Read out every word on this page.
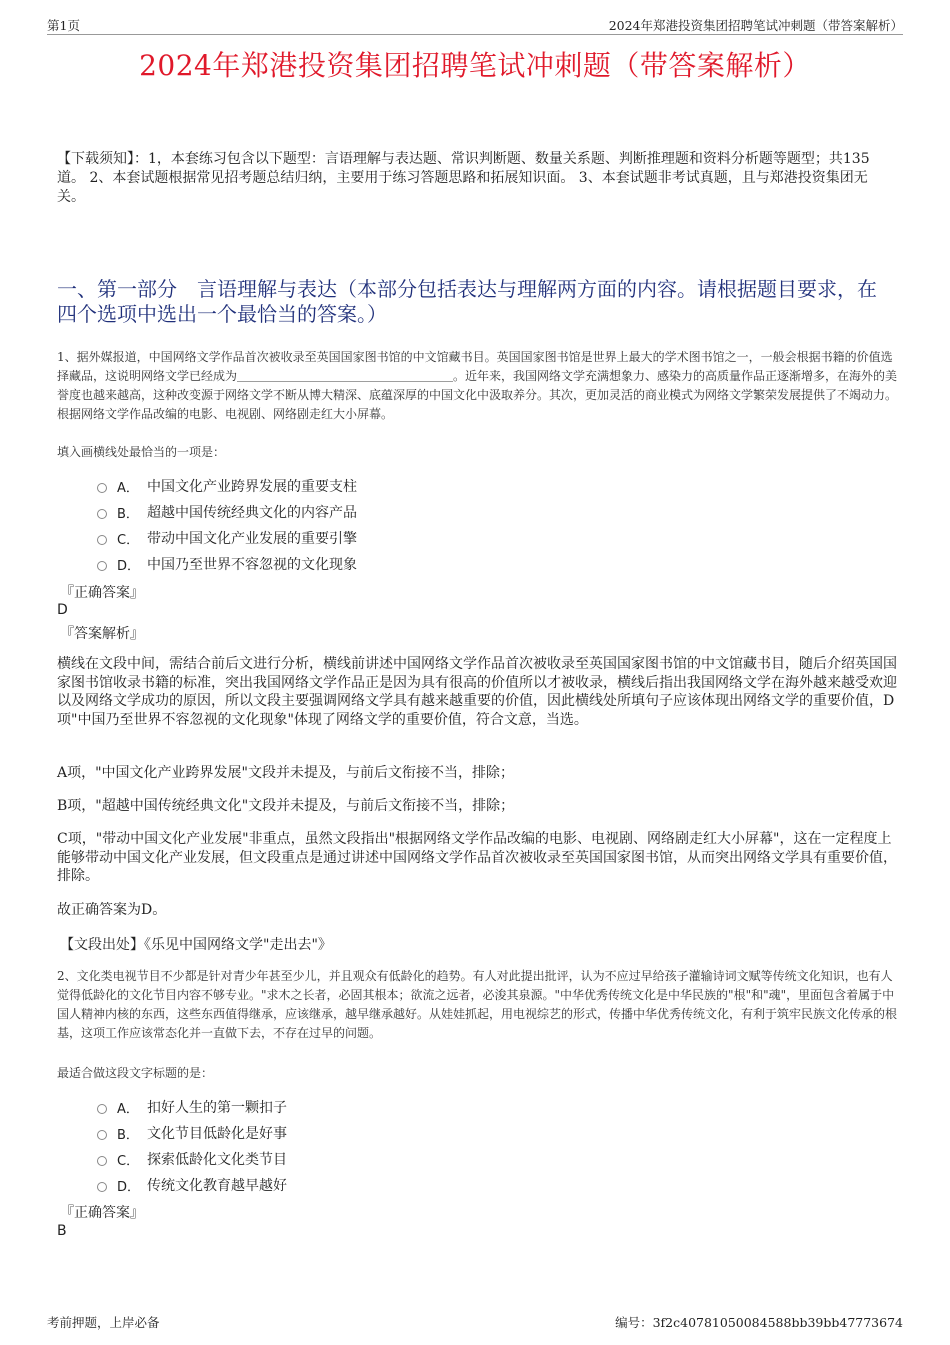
第1页	2024年郑港投资集团招聘笔试冲刺题（带答案解析）
2024年郑港投资集团招聘笔试冲刺题（带答案解析）
【下载须知】：1，本套练习包含以下题型：言语理解与表达题、常识判断题、数量关系题、判断推理题和资料分析题等题型；共135道。 2、本套试题根据常见招考题总结归纳，主要用于练习答题思路和拓展知识面。 3、本套试题非考试真题，且与郑港投资集团无关。
一、第一部分　言语理解与表达（本部分包括表达与理解两方面的内容。请根据题目要求，在四个选项中选出一个最恰当的答案。）
1、据外媒报道，中国网络文学作品首次被收录至英国国家图书馆的中文馆藏书目。英国国家图书馆是世界上最大的学术图书馆之一，一般会根据书籍的价值选择藏品，这说明网络文学已经成为＿＿＿＿＿＿＿＿＿＿＿＿＿＿＿＿＿＿。近年来，我国网络文学充满想象力、感染力的高质量作品正逐渐增多，在海外的美誉度也越来越高，这种改变源于网络文学不断从博大精深、底蕴深厚的中国文化中汲取养分。其次，更加灵活的商业模式为网络文学繁荣发展提供了不竭动力。根据网络文学作品改编的电影、电视剧、网络剧走红大小屏幕。
填入画横线处最恰当的一项是：
A． 中国文化产业跨界发展的重要支柱
B． 超越中国传统经典文化的内容产品
C． 带动中国文化产业发展的重要引擎
D． 中国乃至世界不容忽视的文化现象
『正确答案』
D
『答案解析』
横线在文段中间，需结合前后文进行分析，横线前讲述中国网络文学作品首次被收录至英国国家图书馆的中文馆藏书目，随后介绍英国国家图书馆收录书籍的标准，突出我国网络文学作品正是因为具有很高的价值所以才被收录，横线后指出我国网络文学在海外越来越受欢迎以及网络文学成功的原因，所以文段主要强调网络文学具有越来越重要的价值，因此横线处所填句子应该体现出网络文学的重要价值，D项"中国乃至世界不容忽视的文化现象"体现了网络文学的重要价值，符合文意，当选。
A项，"中国文化产业跨界发展"文段并未提及，与前后文衔接不当，排除；
B项，"超越中国传统经典文化"文段并未提及，与前后文衔接不当，排除；
C项，"带动中国文化产业发展"非重点，虽然文段指出"根据网络文学作品改编的电影、电视剧、网络剧走红大小屏幕"，这在一定程度上能够带动中国文化产业发展，但文段重点是通过讲述中国网络文学作品首次被收录至英国国家图书馆，从而突出网络文学具有重要价值，排除。
故正确答案为D。
【文段出处】《乐见中国网络文学"走出去"》
2、文化类电视节目不少都是针对青少年甚至少儿，并且观众有低龄化的趋势。有人对此提出批评，认为不应过早给孩子灌输诗词文赋等传统文化知识，也有人觉得低龄化的文化节目内容不够专业。"求木之长者，必固其根本；欲流之远者，必浚其泉源。"中华优秀传统文化是中华民族的"根"和"魂"，里面包含着属于中国人精神内核的东西，这些东西值得继承，应该继承，越早继承越好。从娃娃抓起，用电视综艺的形式，传播中华优秀传统文化，有利于筑牢民族文化传承的根基，这项工作应该常态化并一直做下去，不存在过早的问题。
最适合做这段文字标题的是：
A． 扣好人生的第一颗扣子
B． 文化节目低龄化是好事
C． 探索低龄化文化类节目
D． 传统文化教育越早越好
『正确答案』
B
考前押题，上岸必备	编号：3f2c40781050084588bb39bb47773674
